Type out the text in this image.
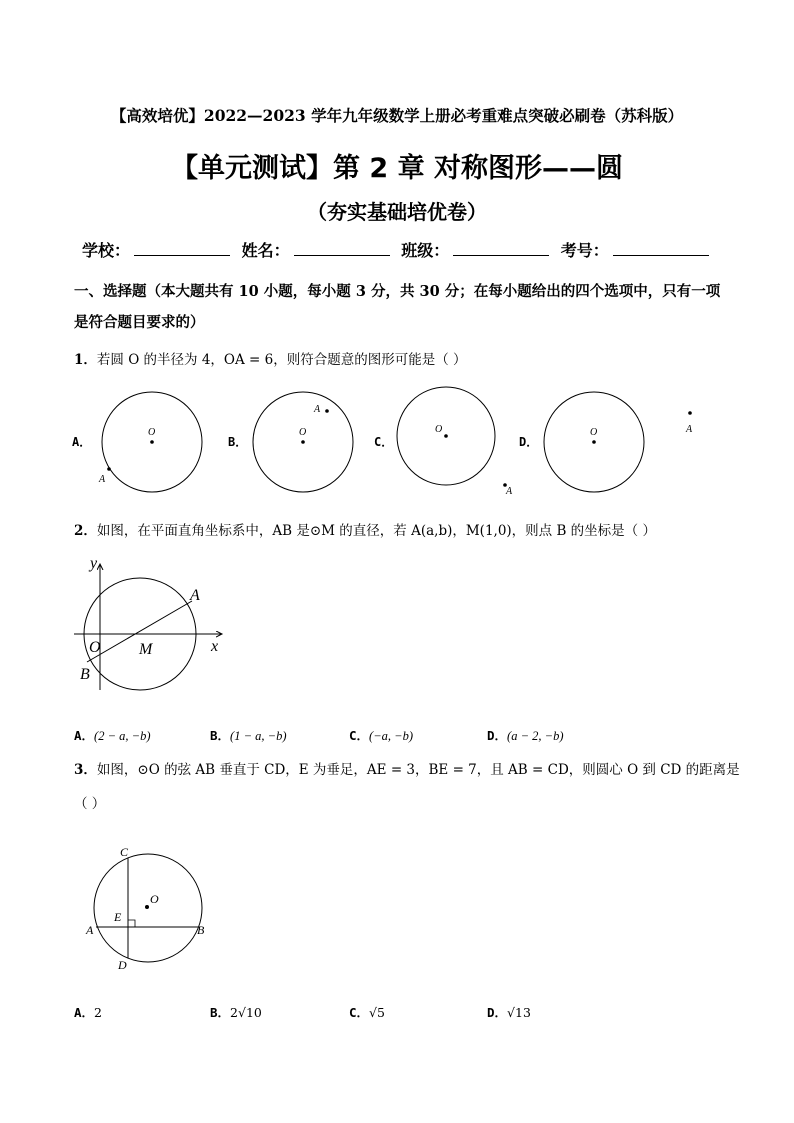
【高效培优】2022—2023 学年九年级数学上册必考重难点突破必刷卷（苏科版）
【单元测试】第 2 章 对称图形——圆
（夯实基础培优卷）
学校：	姓名：	班级：	考号：
一、选择题（本大题共有 10 小题，每小题 3 分，共 30 分；在每小题给出的四个选项中，只有一项是符合题目要求的）
1．若圆 O 的半径为 4，OA = 6，则符合题意的图形可能是（ ）
A．
O
A
B．
O
A
C．
O
A
D．
O	A
2．如图，在平面直角坐标系中，AB 是⊙M 的直径，若 A(a,b)，M(1,0)，则点 B 的坐标是（ ）
y
x
O
A
B
M
A．(2 − a, −b)	B．(1 − a, −b)	C．(−a, −b)	D．(a − 2, −b)
3．如图，⊙O 的弦 AB 垂直于 CD，E 为垂足，AE = 3，BE = 7，且 AB = CD，则圆心 O 到 CD 的距离是
（ ）
C
O
E
A	B
D
A．2	B．2√10	C．√5	D．√13
